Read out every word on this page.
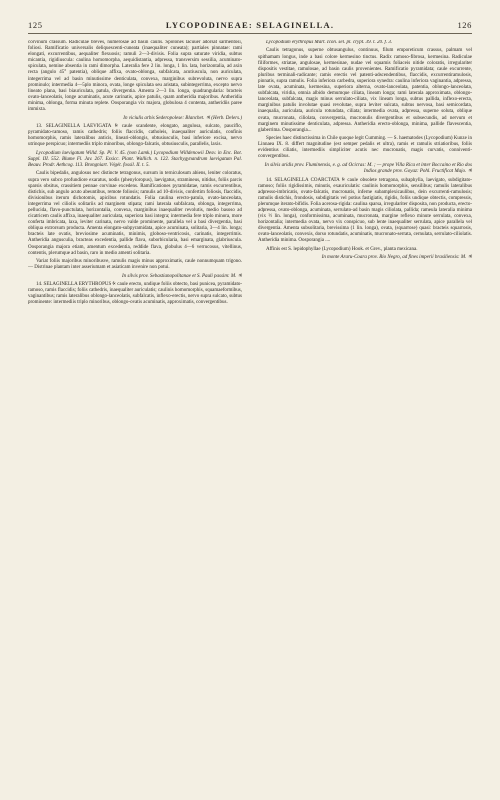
125	LYCOPODINEAE: SELAGINELLA.	126

corvinum crassum. Radiculae breves, numerosae ad basin caulis. Spolones lacuuer adorsat sarmentosi, foliosi. Ramificatio universalis deliquescenti-cuneata (inaequaliter cuneata); partiales pinnatae: rami elongati, excurrentibus, aequaliter flexuosis; ramuli 2—3-divisis. Folia supra saturate viridia, subtus micantia, rigidiuscula: caulina homomorpha, aequidistantia, adpressa, transversim sessilia, acuminato-spiculata, nemine absentia in rami dimorpha. Lateralia fere 2 lin. longa, 1 lin. lata, horizontalia, ad axin recta (angulo 45° patentia), oblique affixa, ovato-oblonga, subfalcata, acutiuscula, non auriculata, integerrima vel ad basin minutissime denticulata, convexa, marginibus subrevoluta, nervo supra prominulo; intermedia 4—5plo minora, ovata, longe spiculata seu aristata, subintegerrima, excepto nervo lineato plana, basi biauriculata, patula, divergentia. Amenta 2—3 lin. longa, quadrangularia: bracteis ovato-lanceolatis, longe acuminatis, acute carinatis, apice patulis, quam antheridia majoribus. Antheridia minima, oblonga, forma minuta replete. Oosporangia vix majora, globulosa 4 contenta, antheridiis paree immixta.

In viciulis arbis Sederopolese: Blanchet. ♃ (Herb. Delers.)

13. SELAGINELLA LAEVIGATA ⨴ caule scandente, elongato, angulosa, sulcato, pauciflo, pyramidato-ramoso, ramis cathedris; foliis flaccidis, catholeis, inaequaliter auriculatis, confinis homomorphis, ramis lateralibus anticis, lineari-oblongis, obtusiusculis, basi inferiore excisa, nervo utrinque perspicuo; intermediis triplo minoribus, oblongo-falcatis, obtusiusculis, parallelis, laxis.

Lycopodium laevigatum Willd. Sp. Pl. V. 45. (non Lamk.) Lycopodium Willdenowii Desv. in Enc. Bot. Suppl. III. 552. Blume Fl. Jav. 267. Exsicc. Plant. Wallich. n. 122. Stachygynandrum laevigatum Pal. Beauv. Prodr. Aethcog. 113. Brongniart. Végét. fossil. II. t. 5.

Caulis bipedalis, angulosus nec distincte tetragonus, sursum in terniculosum abiens, leniter coloratus, supra vero subco profundiore exaratus, nodis (phenyloropus), laevigatus, stramineus, nitidus, foliis parcis sparsis obsitus, crassitiem pennae corvinae excedens. Ramificationes pyramidatae, ramis excurrentibus, distichis, sub angulo acuto abeuntibus, remote foliosis; ramulis ad 10-divisis, confertim foliosis, flaccidis, divisionibus iterum dichotomis, apicibus rotundatis. Folia caulina erecto-patula, ovato-lanceolata, integerrima vel ciliolis solitariis ad marginem stipata; rami laterala subfalcata, oblonga, integerrima, pellucida, flavo-punctulata, horizontalia, convexa, marginibus inaequaliter revolutis, medio basoso ad cicatricem caulis affixa, inaequaliter auriculata, superiora basi integra; intermedia fere triplo minora, more conferta imbricata, laxa, leviter carinata, nervo valde prominente, parallela vel a basi divergentia, basi obliqua extrorsum producta. Amenta elongato-subpyramidata, apice acuminata, solitaria, 3—4 lin. longa; bracteis late ovatis, breviosime acuminatis, minimis, globoso-ventricosis, carinatis, integerrimis. Antheridia angusculia, bracteas excedentia, pallide flava, suborbicularia, basi emarginata, glabriuscula. Oosporangia majora etiam, amentum excedentia, reddide flava, globulus 4—6 verrucosus, vitellinus, contentis, plerumque ad basin, raro in medio amenti solitaria.

Variat foliis majoribus minoribusve, ramulis magis minus approximatis, caule nonnumquam trigono. — Distrinae plantam inter asseriumam et asiaticam invenire non potui.

In silvis prov. Sebastianopolitanae et S. Pauli passim: M. ♃

14. SELAGINELLA ERYTHROPUS ⨴ caule erecto, undique foliis obtecto, basi punicea, pyramidato-ramoso, ramis flaccidis; foliis cathedris, inaequaliter auriculatis; caulinis homomorphis, squamaeformibus, vaginantibus; ramis lateralibus oblongo-lanceolatis, subfalcatis, inflexo-erectis, nervo supra sulcato, subtus prominente: intermediis triplo minoribus, oblongo-ovatis acuminatis, approximatis, convergentibus.

Lycopodium erythropus Mart. Icon. sel. pl. crypt. 39. t. 20. f. 3.

Caulis tetragonus, superne obtusangulus, continuus, filum emporeticum crassus, palmam vel spithamam longus, inde a basi colore kermesino tinctus. Radix ramoso-fibrosa, kermesina. Radiculae filiformes, striatae, angulosae, kermesinae, nudae vel squamis foliaceis nitide coloratis, irregulariter dispositis vestitae, ramulosae, ad basin caulis provenientes. Ramificatio pyramidata; caule excurrente, pluribus terminali-radicante; ramis erectis vel patenti-adscendentibus, flaccidis, excurrentiramulosis, pinnatis, supra ramulis. Folia inferiora carbedra, superiora synedra: caulina inferiora vaginantia, adpressa, late ovata, acuminata, kermesina, superiora alterna, ovato-lanceolata, patentia, oblongo-lanceolata, subfalcata, viridia, omnia albido demumque ciliata, lineam longa; rami laterala approximata, oblongo-lanceolata, subfalcata, magis minus serrulato-ciliata, vix lineam longa, subtus pallida, inflexo-erecta, marginibus patulis involutae quasi revolutae, supra leviter sulcata, subtus nervosa, basi semicordata, inaequalia, auriculata, auricula rotundata, ciliata; intermedia ovata, adpressa, superne soluta, oblique ovata, mucronata, ciliolata, convergentia, mucronulis divergentibus et subsecundis, ad nervum et marginem minutissime denticulata, adpressa. Antheridia erecto-oblonga, minima, pallide flavescentia, glaberrima. Oosporangia...

Species haec distinctissima in Chile quoque legit Cumming. — S. haematodes (Lycopodium) Kunze in Linnaea IX. 8. differt magnitudine (est semper pedalis et ultra), ramis et ramulis striatioribus, foliis evidentius ciliatis, intermediis simpliciter acutis nec mucronatis, magis curvatis, conniventi-convergentibus.

In silvis aridis prov. Fluminensis, e. g. ad Ocicras: M. ; — prope Villa Rica et inter Boccaino et Rio dos Indios grande prov. Goyaz: Pohl. Fructificat Majo. ♃

14. SELAGINELLA COARCTATA ⨴ caule obsolete tetragona, subaphylla, laevigato, subdigitato-ramoso; foliis rigidissimis, minutis, exauriculatis: caulinis homomorphis, sensilibus; ramulis lateralibus adpresso-imbricatis, ovato-falcatis, mucronatis, inferne subamplexicaulibus, dein excurrenti-ramulosis; ramulis distichis, frondosis, subdigitatis vel potius fastigiatis, rigidis, foliis undique obtectis, compressis, plerumque iterato-bifidis. Folia acerosa-rigida: caulina sparsa, irregulariter disposita, non producta, erecto-adpressa, ovato-oblonga, acuminata, serrulato-ad basin magis ciliolata, pallida; rameula lateralia minima (vix ½ lin. longa), conformissima, acuminata, mucronata, margine reflexo minute serrulata, convexa, horizontalia; intermedia ovata, nervo vix conspicuo, sub lente inaequaliter serrulata, apice parallela vel divergentia. Amenta subsolitaria, brevissima (1 lin. longa), ovata, (squarrose) quasi: bracteis squarrosis, ovato-lanceolatis, convexis, dorso rotundatis, acuminatis, mucronato-serrata, cernulata, serrulato-ciliolatis. Antheridia minima. Oosporangia ....

Affinis est S. lepidophyllae (Lycopodium) Hook. et Grev., planta mexicana.

In monte Araru-Coara prov. Rio Negro, ad fines imperii brasiliensis: M. ♃
